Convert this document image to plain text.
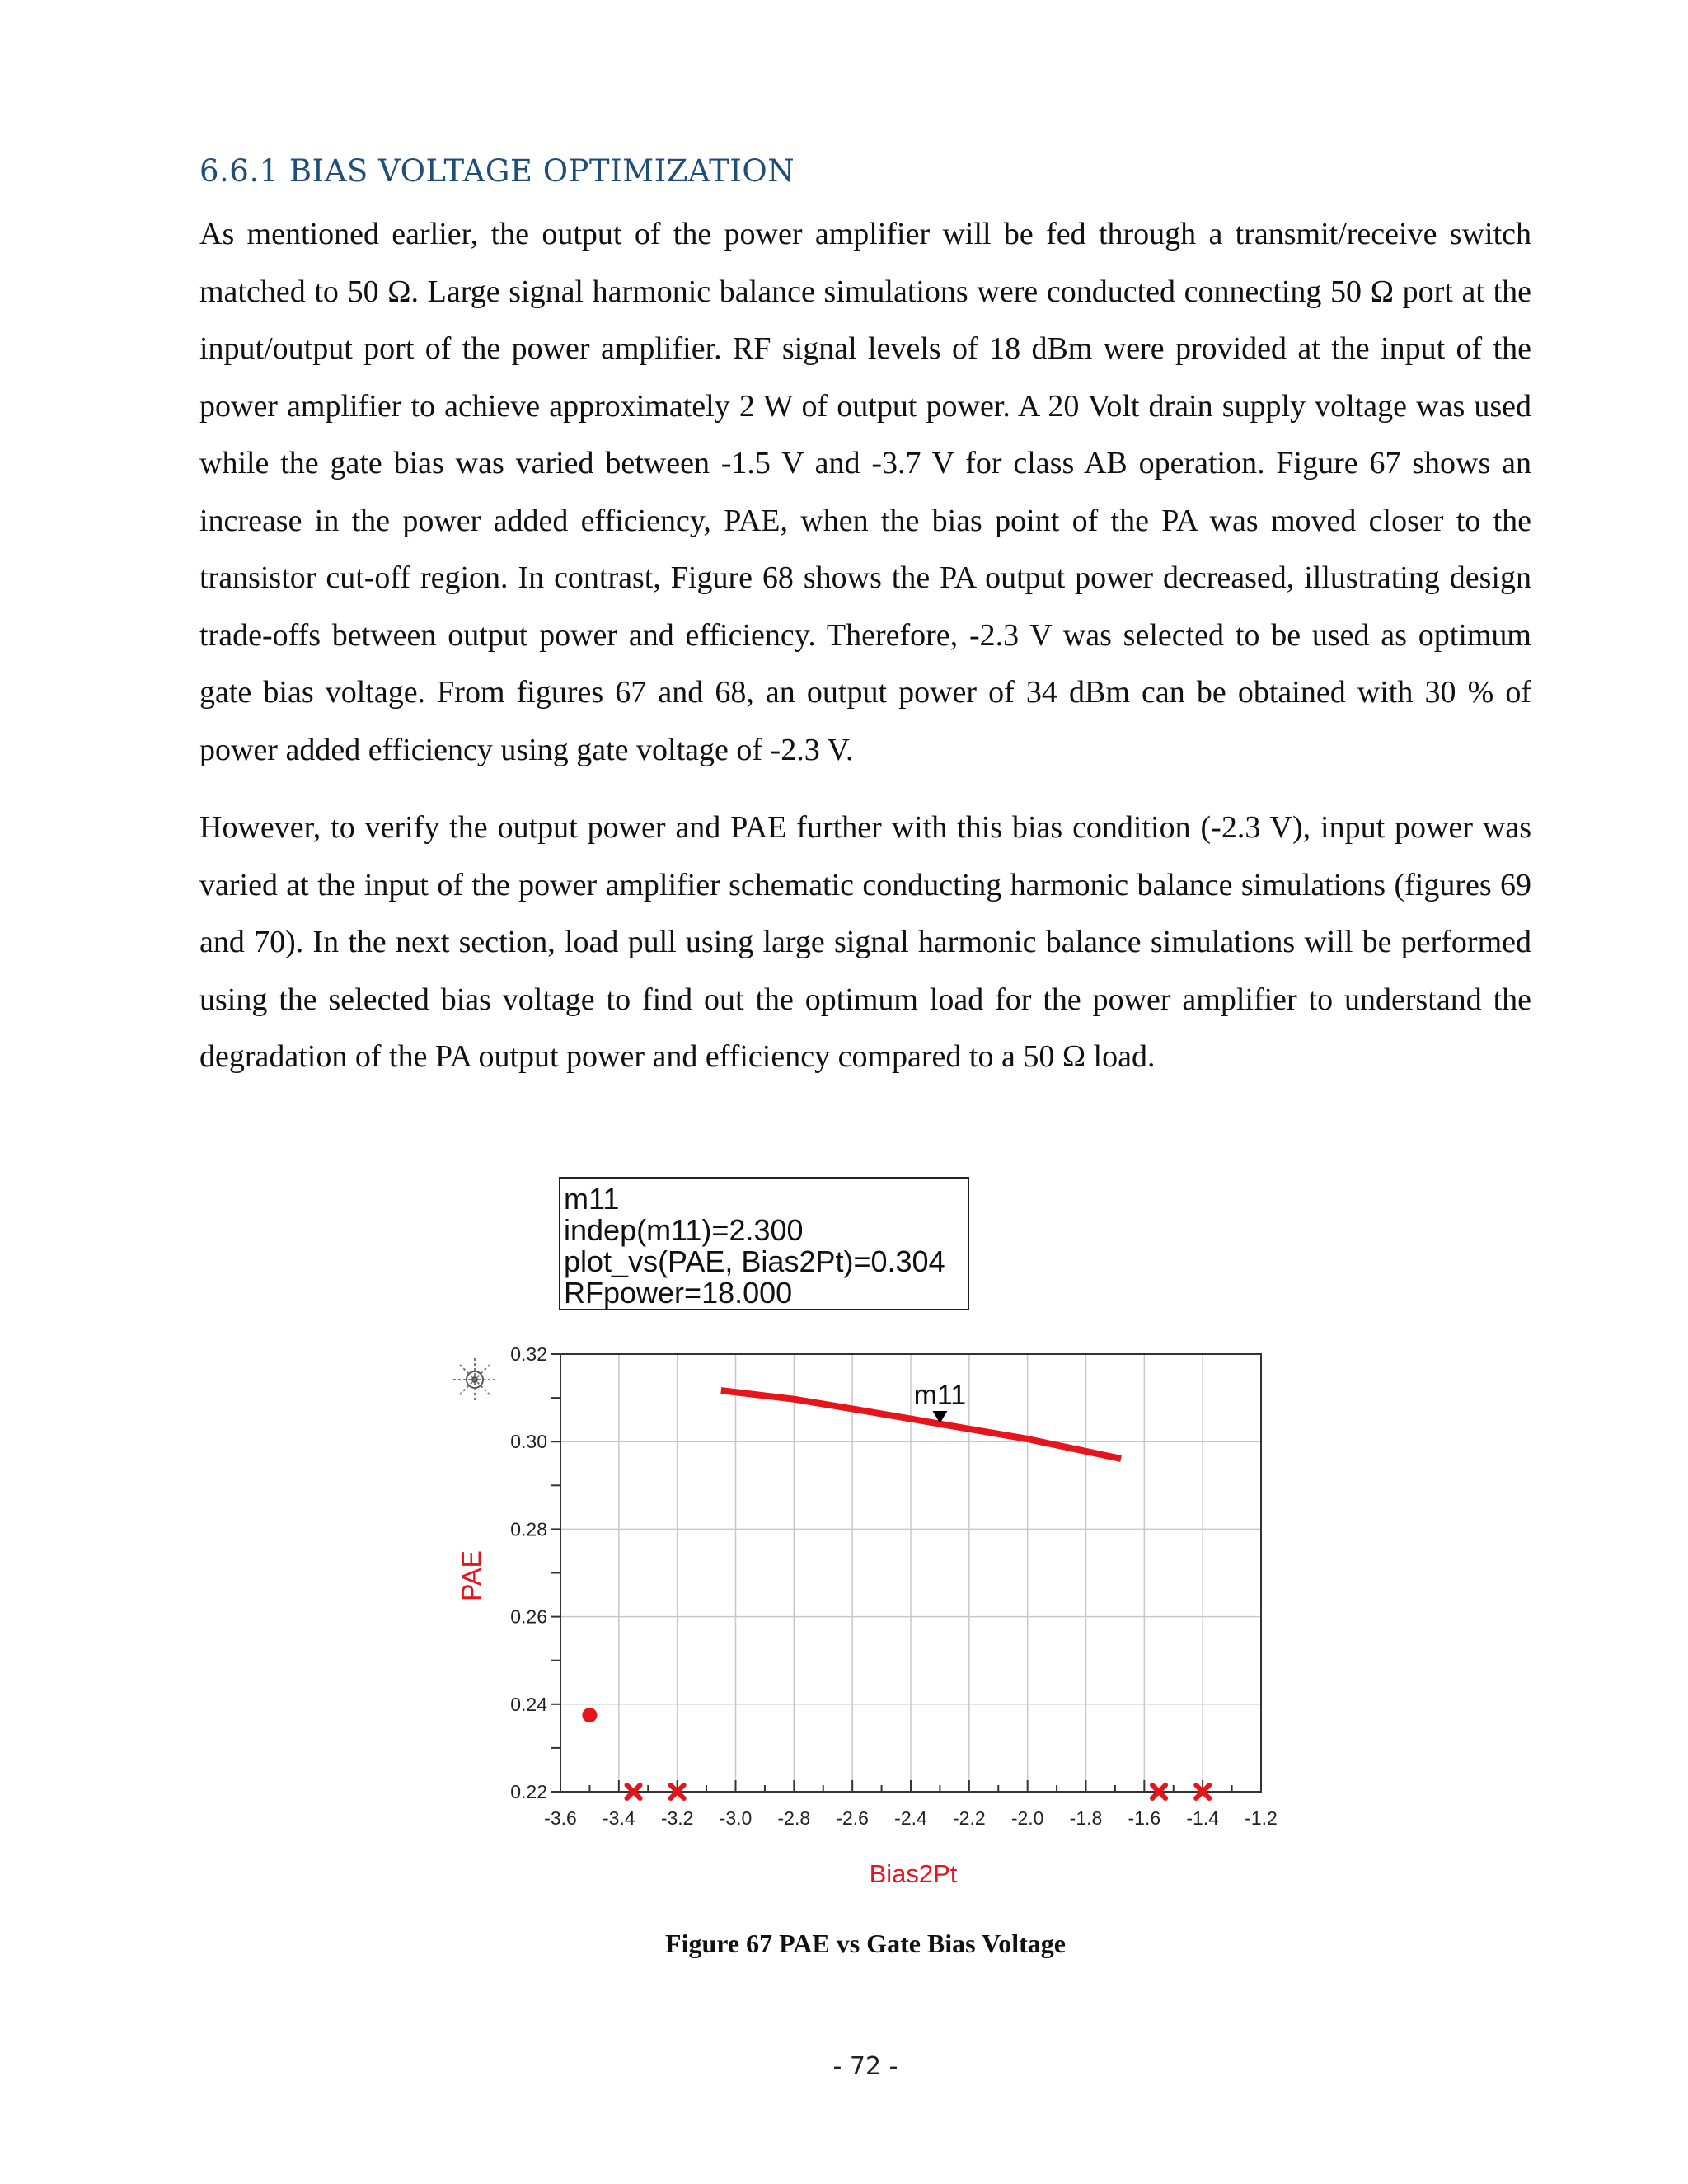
6.6.1 BIAS VOLTAGE OPTIMIZATION
As mentioned earlier, the output of the power amplifier will be fed through a transmit/receive switch matched to 50 Ω. Large signal harmonic balance simulations were conducted connecting 50 Ω port at the input/output port of the power amplifier. RF signal levels of 18 dBm were provided at the input of the power amplifier to achieve approximately 2 W of output power. A 20 Volt drain supply voltage was used while the gate bias was varied between -1.5 V and -3.7 V for class AB operation. Figure 67 shows an increase in the power added efficiency, PAE, when the bias point of the PA was moved closer to the transistor cut-off region. In contrast, Figure 68 shows the PA output power decreased, illustrating design trade-offs between output power and efficiency. Therefore, -2.3 V was selected to be used as optimum gate bias voltage. From figures 67 and 68, an output power of 34 dBm can be obtained with 30 % of power added efficiency using gate voltage of -2.3 V.
However, to verify the output power and PAE further with this bias condition (-2.3 V), input power was varied at the input of the power amplifier schematic conducting harmonic balance simulations (figures 69 and 70). In the next section, load pull using large signal harmonic balance simulations will be performed using the selected bias voltage to find out the optimum load for the power amplifier to understand the degradation of the PA output power and efficiency compared to a 50 Ω load.
-3.6 -3.4 -3.2 -3.0 -2.8 -2.6 -2.4 -2.2 -2.0 -1.8 -1.6 -1.4 -1.2
0.22
0.24
0.26
0.28
0.30
0.32
m11
PAE
Bias2Pt
m11
indep(m11)=2.300
plot_vs(PAE, Bias2Pt)=0.304
RFpower=18.000
Figure 67 PAE vs Gate Bias Voltage
- 72 -
